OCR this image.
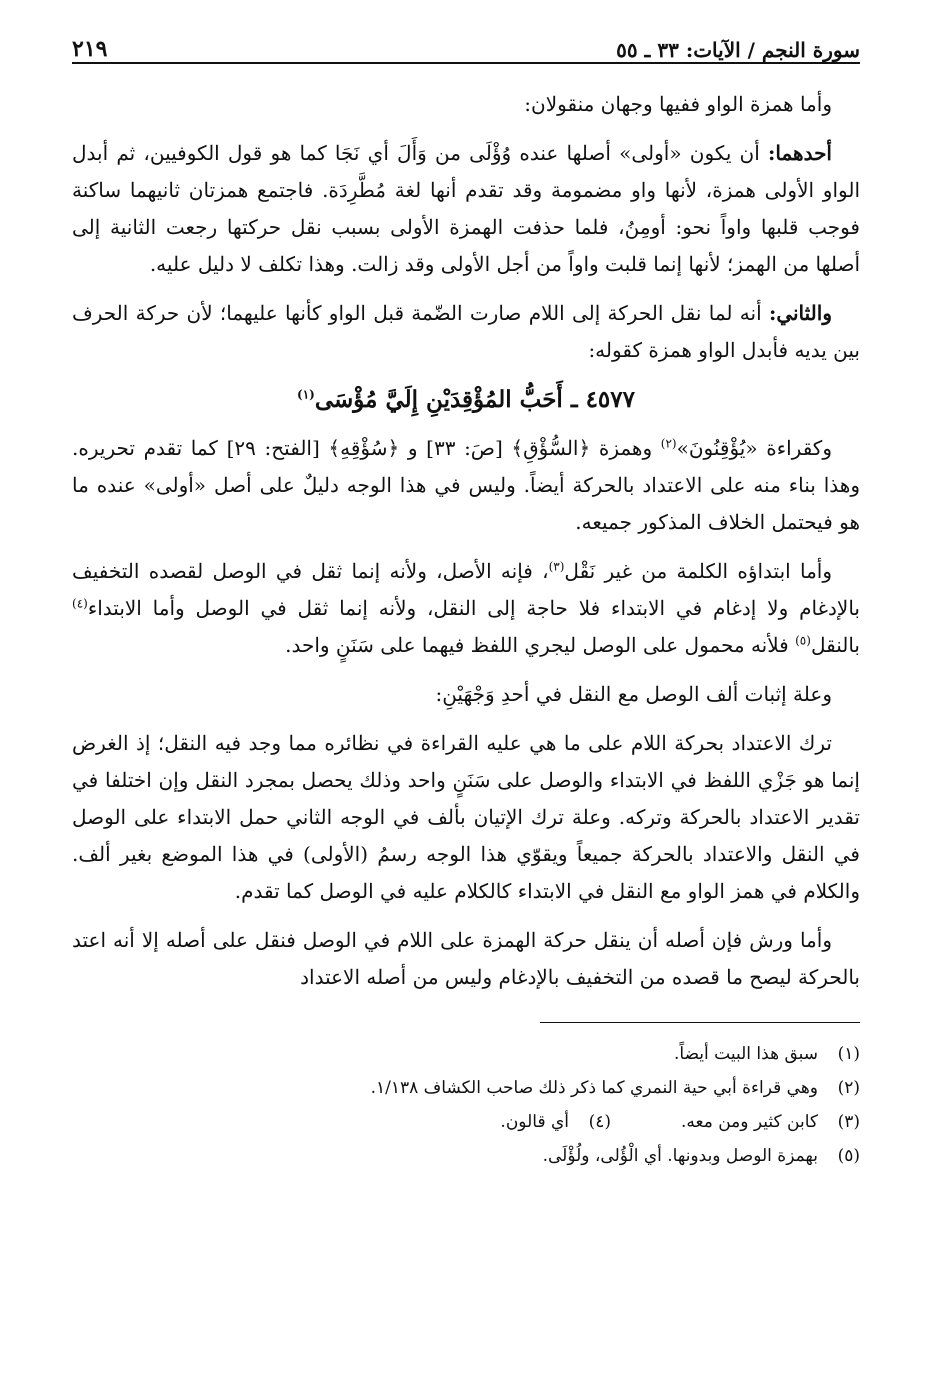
سورة النجم / الآيات: ٣٣ ـ ٥٥
٢١٩

وأما همزة الواو ففيها وجهان منقولان:

أحدهما: أن يكون «أولى» أصلها عنده وُؤْلَى من وَأَلَ أي نَجَا كما هو قول الكوفيين، ثم أبدل الواو الأولى همزة، لأنها واو مضمومة وقد تقدم أنها لغة مُطَّرِدَة. فاجتمع همزتان ثانيهما ساكنة فوجب قلبها واواً نحو: أومِنُ، فلما حذفت الهمزة الأولى بسبب نقل حركتها رجعت الثانية إلى أصلها من الهمز؛ لأنها إنما قلبت واواً من أجل الأولى وقد زالت. وهذا تكلف لا دليل عليه.

والثاني: أنه لما نقل الحركة إلى اللام صارت الضّمة قبل الواو كأنها عليهما؛ لأن حركة الحرف بين يديه فأبدل الواو همزة كقوله:

٤٥٧٧ ـ أَحَبُّ المُؤْقِدَيْنِ إِلَيَّ مُؤْسَى$^{(١)}$

وكقراءة «يُؤْقِنُونَ»$^{(٢)}$ وهمزة ﴿السُّؤْقِ﴾ [صَ: ٣٣] و ﴿سُؤْقِهِ﴾ [الفتح: ٢٩] كما تقدم تحريره. وهذا بناء منه على الاعتداد بالحركة أيضاً. وليس في هذا الوجه دليلٌ على أصل «أولى» عنده ما هو فيحتمل الخلاف المذكور جميعه.

وأما ابتداؤه الكلمة من غير نَقْل$^{(٣)}$، فإنه الأصل، ولأنه إنما ثقل في الوصل لقصده التخفيف بالإدغام ولا إدغام في الابتداء فلا حاجة إلى النقل، ولأنه إنما ثقل في الوصل وأما الابتداء$^{(٤)}$ بالنقل$^{(٥)}$ فلأنه محمول على الوصل ليجري اللفظ فيهما على سَنَنٍ واحد.

وعلة إثبات ألف الوصل مع النقل في أحدِ وَجْهَيْنِ:

ترك الاعتداد بحركة اللام على ما هي عليه القراءة في نظائره مما وجد فيه النقل؛ إذ الغرض إنما هو جَزْي اللفظ في الابتداء والوصل على سَنَنٍ واحد وذلك يحصل بمجرد النقل وإن اختلفا في تقدير الاعتداد بالحركة وتركه. وعلة ترك الإتيان بألف في الوجه الثاني حمل الابتداء على الوصل في النقل والاعتداد بالحركة جميعاً ويقوّي هذا الوجه رسمُ (الأولى) في هذا الموضع بغير ألف. والكلام في همز الواو مع النقل في الابتداء كالكلام عليه في الوصل كما تقدم.

وأما ورش فإن أصله أن ينقل حركة الهمزة على اللام في الوصل فنقل على أصله إلا أنه اعتد بالحركة ليصح ما قصده من التخفيف بالإدغام وليس من أصله الاعتداد

(١)
سبق هذا البيت أيضاً.
(٢)
وهي قراءة أبي حية النمري كما ذكر ذلك صاحب الكشاف ١/١٣٨.
(٣)
كابن كثير ومن معه.
(٤)
أي قالون.
(٥)
بهمزة الوصل وبدونها. أي الْؤُلى، ولُؤْلَى.
